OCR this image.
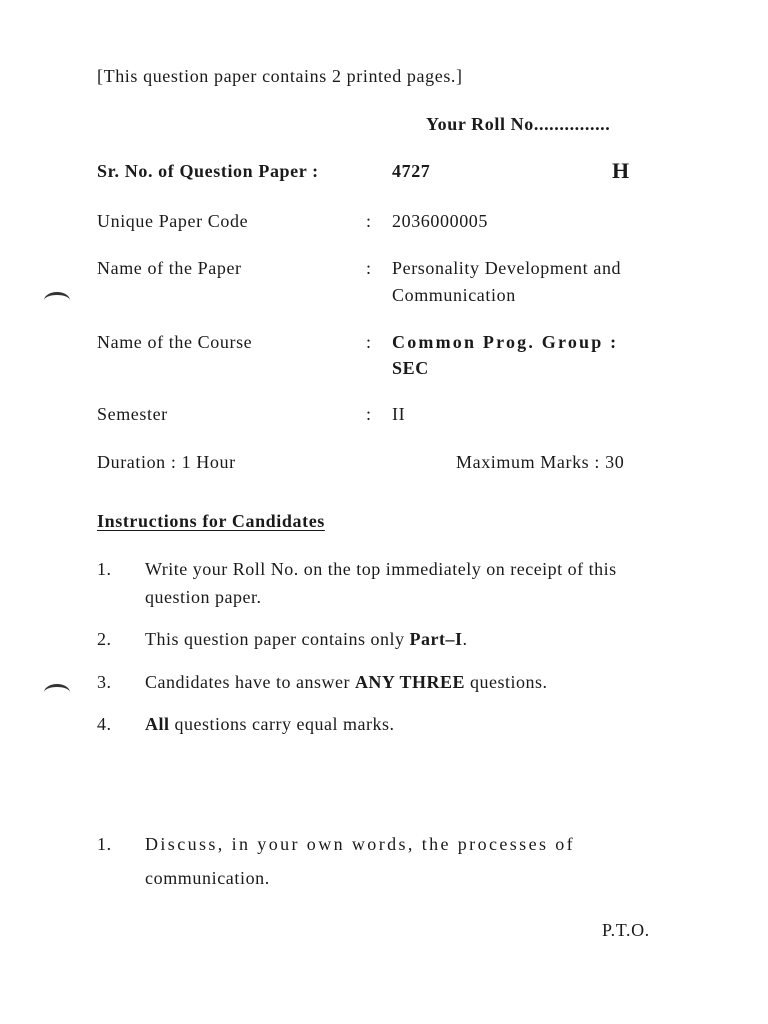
[This question paper contains 2 printed pages.]
Your Roll No...............
Sr. No. of Question Paper :	4727	H
Unique Paper Code	: 2036000005
Name of the Paper	: Personality Development and
Communication
Name of the Course	: Common Prog. Group :
SEC
Semester	: II
Duration : 1 Hour	Maximum Marks : 30
Instructions for Candidates
1.	Write your Roll No. on the top immediately on receipt of this question paper.
2.	This question paper contains only Part–I.
3.	Candidates have to answer ANY THREE questions.
4.	All questions carry equal marks.
1. Discuss, in your own words, the processes of
communication.
P.T.O.
